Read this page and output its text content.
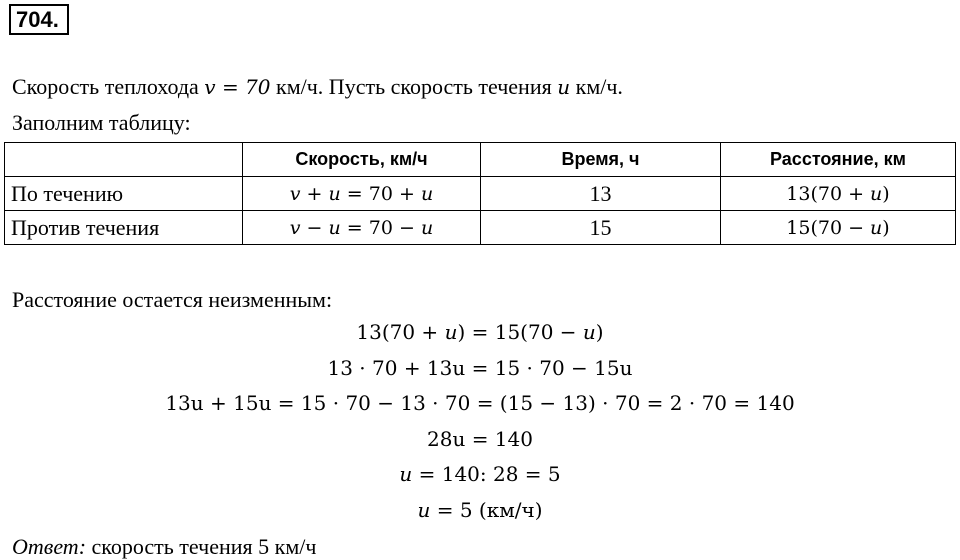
704.
Скорость теплохода v = 70 км/ч. Пусть скорость течения u км/ч.
Заполним таблицу:
	Скорость, км/ч	Время, ч	Расстояние, км
По течению	v + u = 70 + u	13	13(70 + u)
Против течения	v − u = 70 − u	15	15(70 − u)
Расстояние остается неизменным:
13(70 + u) = 15(70 − u)
13 · 70 + 13u = 15 · 70 − 15u
13u + 15u = 15 · 70 − 13 · 70 = (15 − 13) · 70 = 2 · 70 = 140
28u = 140
u = 140: 28 = 5
u = 5 (км/ч)
Ответ: скорость течения 5 км/ч
